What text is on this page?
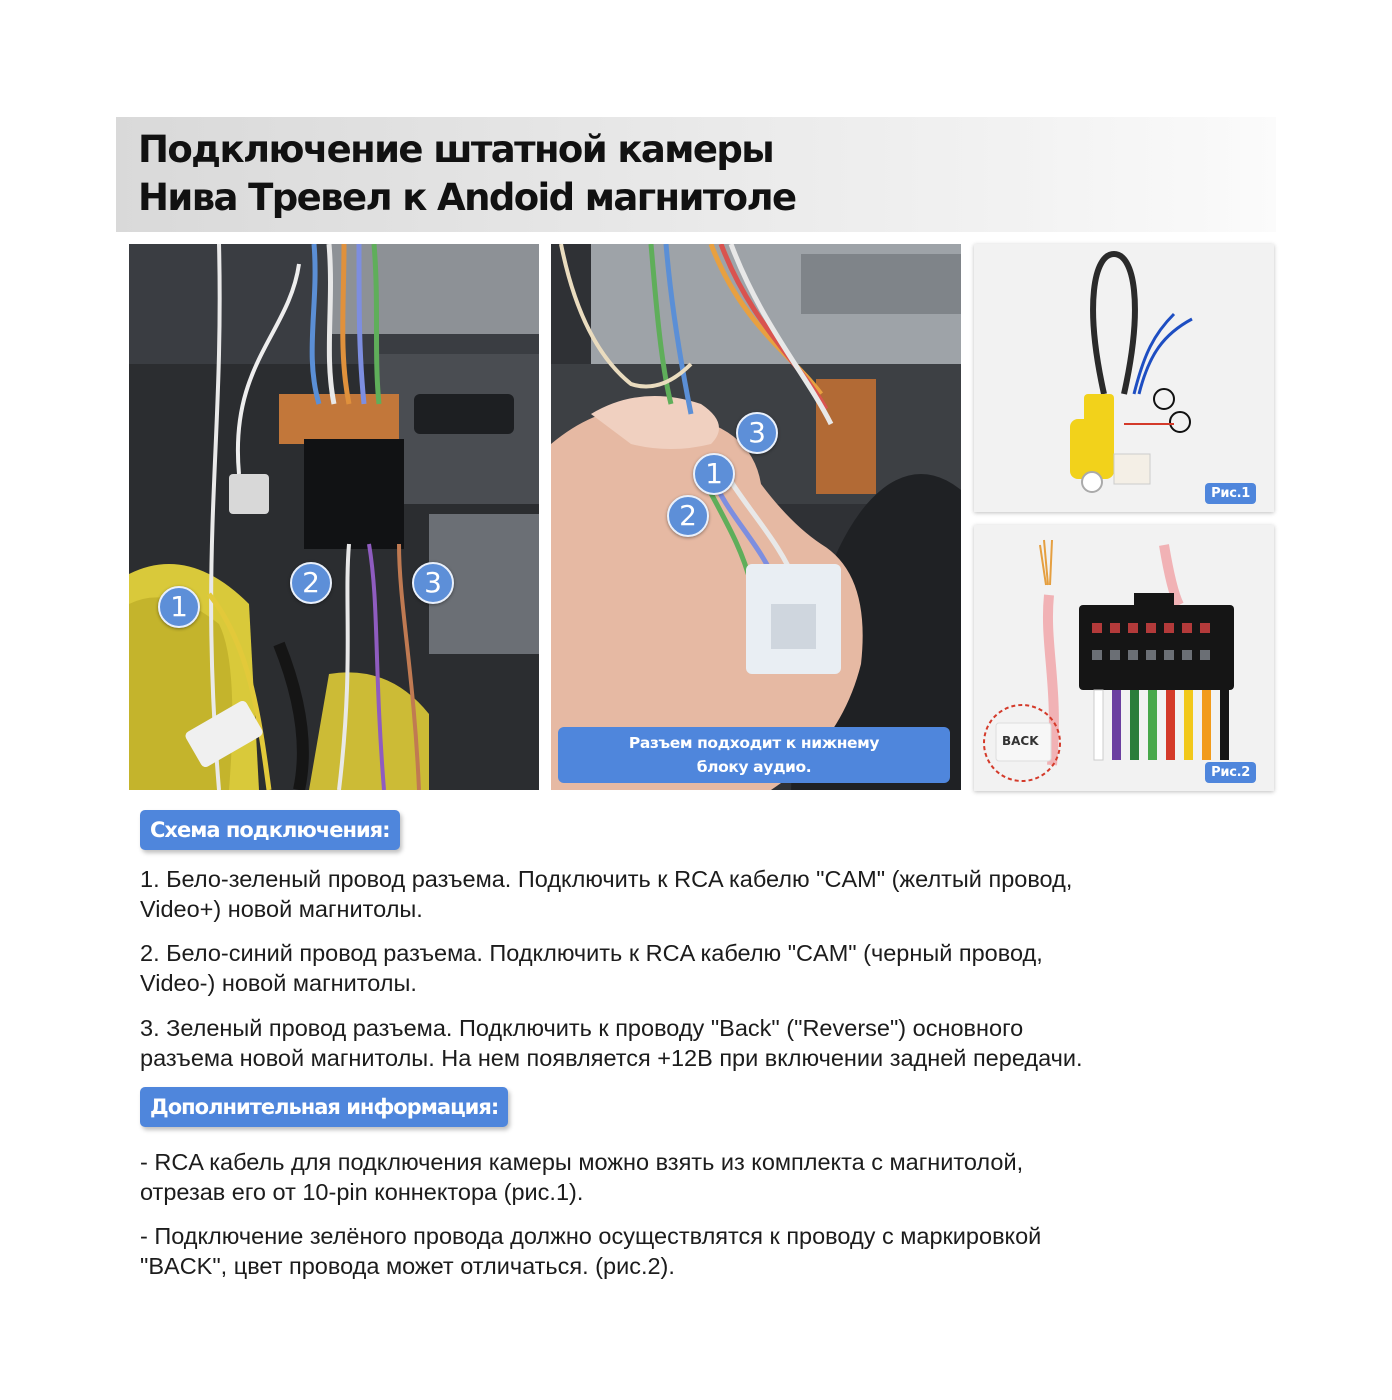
Подключение штатной камеры
Нива Тревел к Andoid магнитоле
1
2	3
3
1
2
Разъем подходит к нижнему
блоку аудио.
Рис.1
BACK
Рис.2
Схема подключения:

1. Бело-зеленый провод разъема. Подключить к RCA кабелю "CAM" (желтый провод,
Video+) новой магнитолы.

2. Бело-синий провод разъема. Подключить к RCA кабелю "CAM" (черный провод,
Video-) новой магнитолы.

3. Зеленый провод разъема. Подключить к проводу "Back" ("Reverse") основного
разъема новой магнитолы. На нем появляется +12В при включении задней передачи.

Дополнительная информация:

- RCA кабель для подключения камеры можно взять из комплекта с магнитолой,
отрезав его от 10-pin коннектора (рис.1).

- Подключение зелёного провода должно осуществлятся к проводу с маркировкой
"BACK", цвет провода может отличаться. (рис.2).
